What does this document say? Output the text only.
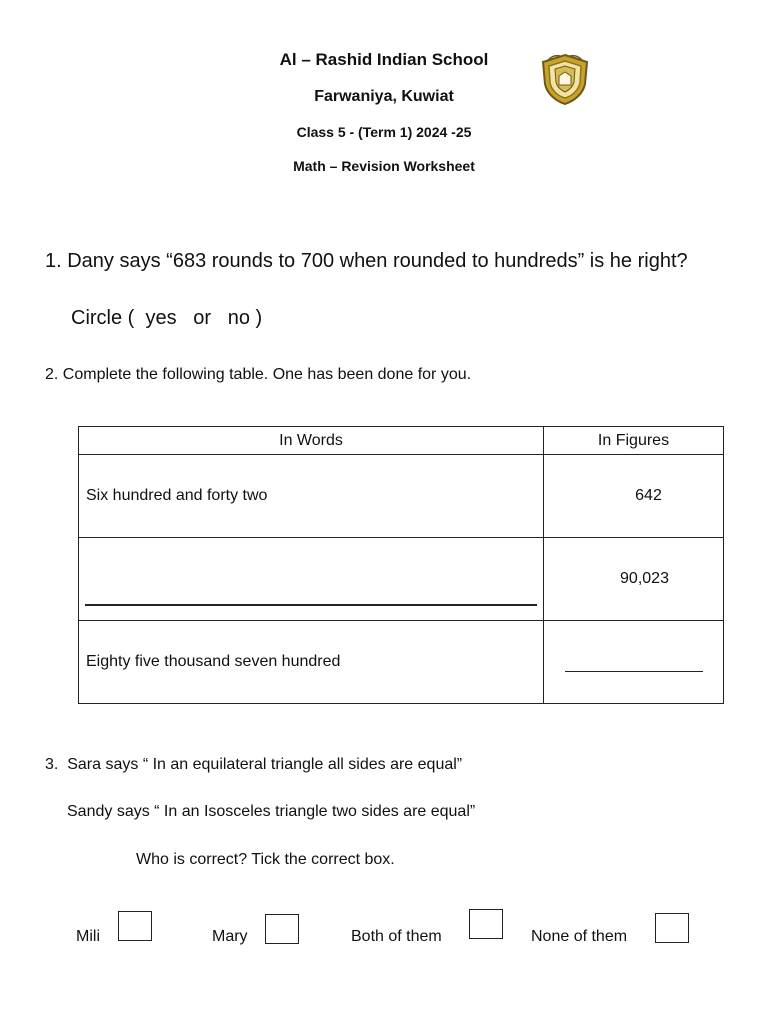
Al – Rashid Indian School
Farwaniya, Kuwiat
Class 5 - (Term 1) 2024 -25
Math – Revision Worksheet
1. Dany says “683 rounds to 700 when rounded to hundreds” is he right?
Circle (  yes   or   no )
2. Complete the following table. One has been done for you.
In Words	In Figures
Six hundred and forty two	642

	90,023
Eighty five thousand seven hundred	
3.  Sara says “ In an equilateral triangle all sides are equal”
Sandy says “ In an Isosceles triangle two sides are equal”
Who is correct? Tick the correct box.
Mili	Mary	Both of them	None of them
